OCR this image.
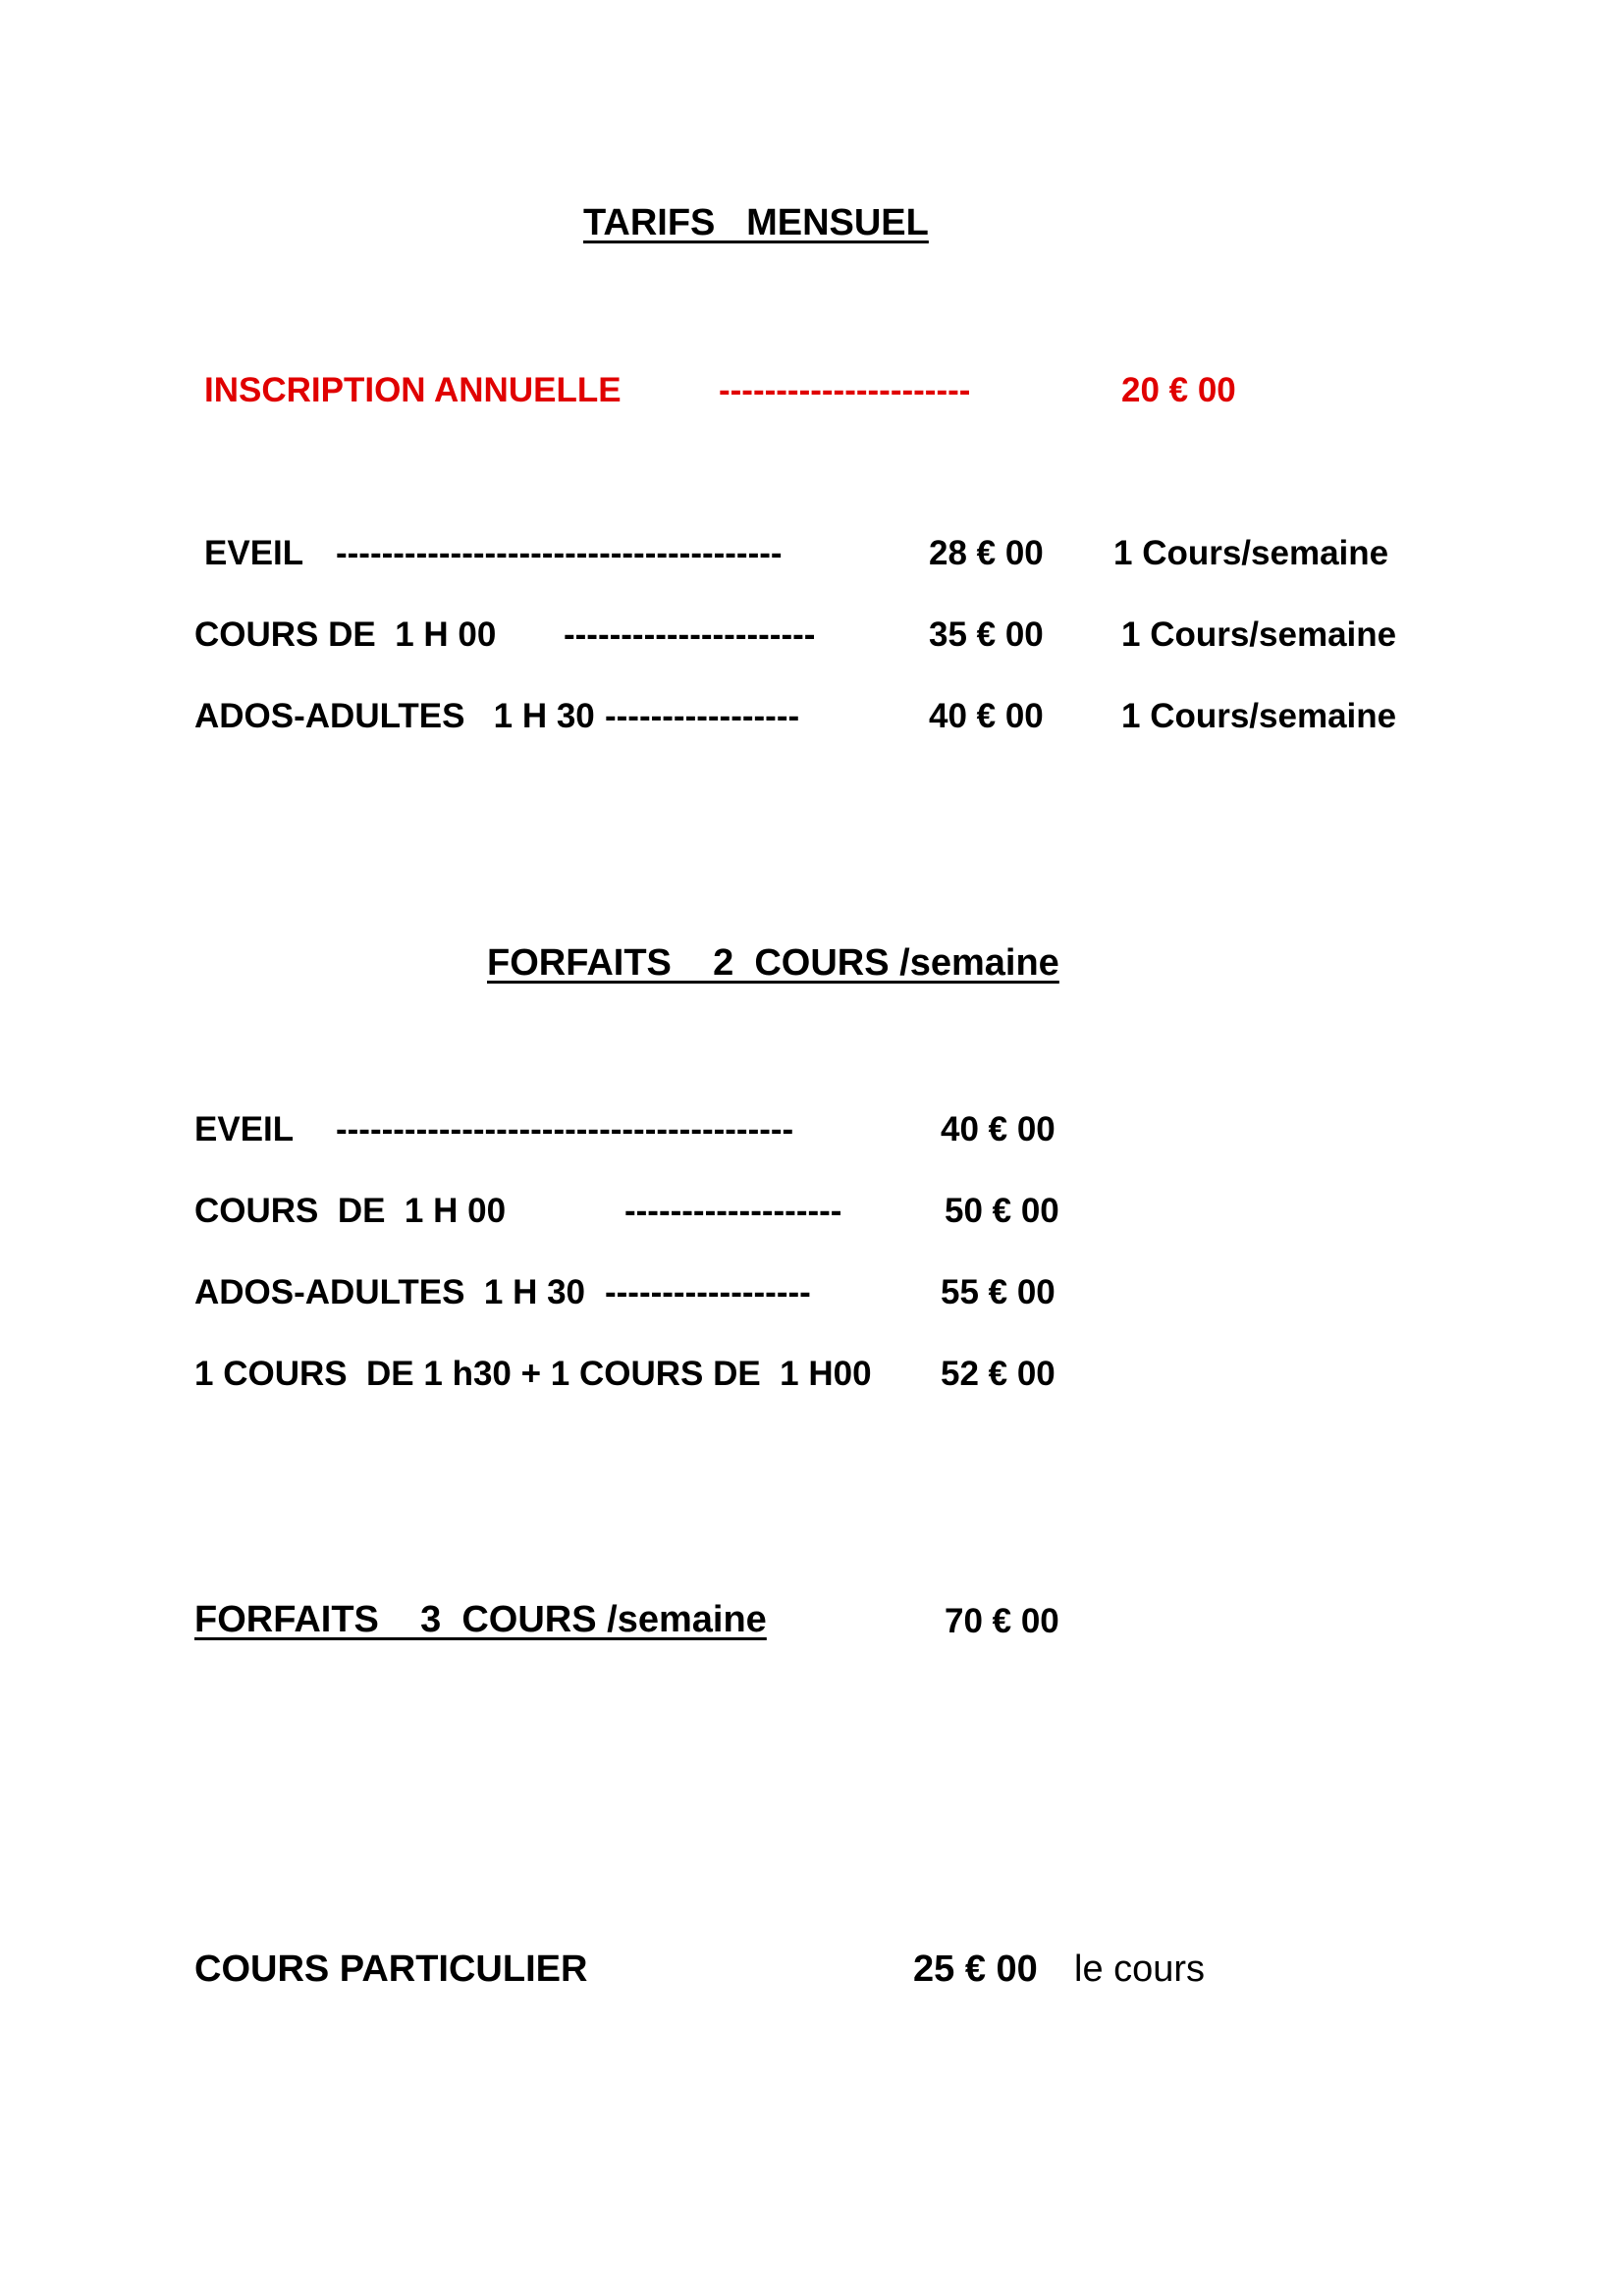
TARIFS   MENSUEL
INSCRIPTION ANNUELLE	----------------------	20 € 00
EVEIL ---------------------------------------	28 € 00 1 Cours/semaine
COURS DE  1 H 00 ----------------------	35 € 00 1 Cours/semaine
ADOS-ADULTES   1 H 30 -----------------	40 € 00 1 Cours/semaine
FORFAITS    2  COURS /semaine
EVEIL ----------------------------------------	40 € 00
COURS  DE  1 H 00	-------------------	50 € 00
ADOS-ADULTES  1 H 30 ------------------	55 € 00
1 COURS  DE 1 h30 + 1 COURS DE  1 H00 52 € 00
FORFAITS    3  COURS /semaine	70 € 00
COURS PARTICULIER	25 € 00 le cours
